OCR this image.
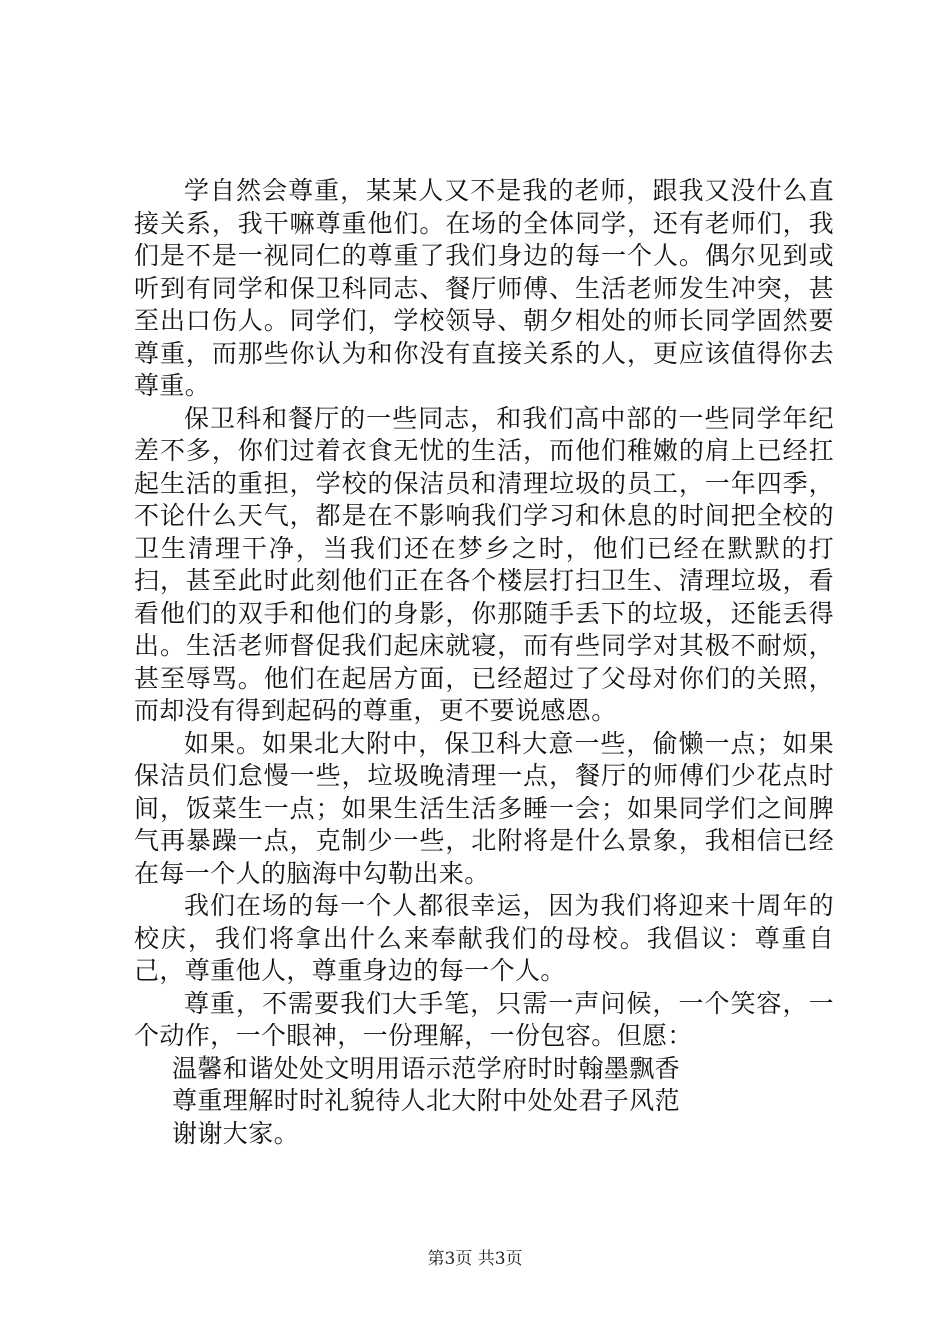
学自然会尊重，某某人又不是我的老师，跟我又没什么直接关系，我干嘛尊重他们。在场的全体同学，还有老师们，我们是不是一视同仁的尊重了我们身边的每一个人。偶尔见到或听到有同学和保卫科同志、餐厅师傅、生活老师发生冲突，甚至出口伤人。同学们，学校领导、朝夕相处的师长同学固然要尊重，而那些你认为和你没有直接关系的人，更应该值得你去尊重。

保卫科和餐厅的一些同志，和我们高中部的一些同学年纪差不多，你们过着衣食无忧的生活，而他们稚嫩的肩上已经扛起生活的重担，学校的保洁员和清理垃圾的员工，一年四季，不论什么天气，都是在不影响我们学习和休息的时间把全校的卫生清理干净，当我们还在梦乡之时，他们已经在默默的打扫，甚至此时此刻他们正在各个楼层打扫卫生、清理垃圾，看看他们的双手和他们的身影，你那随手丢下的垃圾，还能丢得出。生活老师督促我们起床就寝，而有些同学对其极不耐烦，甚至辱骂。他们在起居方面，已经超过了父母对你们的关照，而却没有得到起码的尊重，更不要说感恩。

如果。如果北大附中，保卫科大意一些，偷懒一点；如果保洁员们怠慢一些，垃圾晚清理一点，餐厅的师傅们少花点时间，饭菜生一点；如果生活生活多睡一会；如果同学们之间脾气再暴躁一点，克制少一些，北附将是什么景象，我相信已经在每一个人的脑海中勾勒出来。

我们在场的每一个人都很幸运，因为我们将迎来十周年的校庆，我们将拿出什么来奉献我们的母校。我倡议：尊重自己，尊重他人，尊重身边的每一个人。

尊重，不需要我们大手笔，只需一声问候，一个笑容，一个动作，一个眼神，一份理解，一份包容。但愿：

温馨和谐处处文明用语示范学府时时翰墨飘香

尊重理解时时礼貌待人北大附中处处君子风范

谢谢大家。

第3页 共3页
